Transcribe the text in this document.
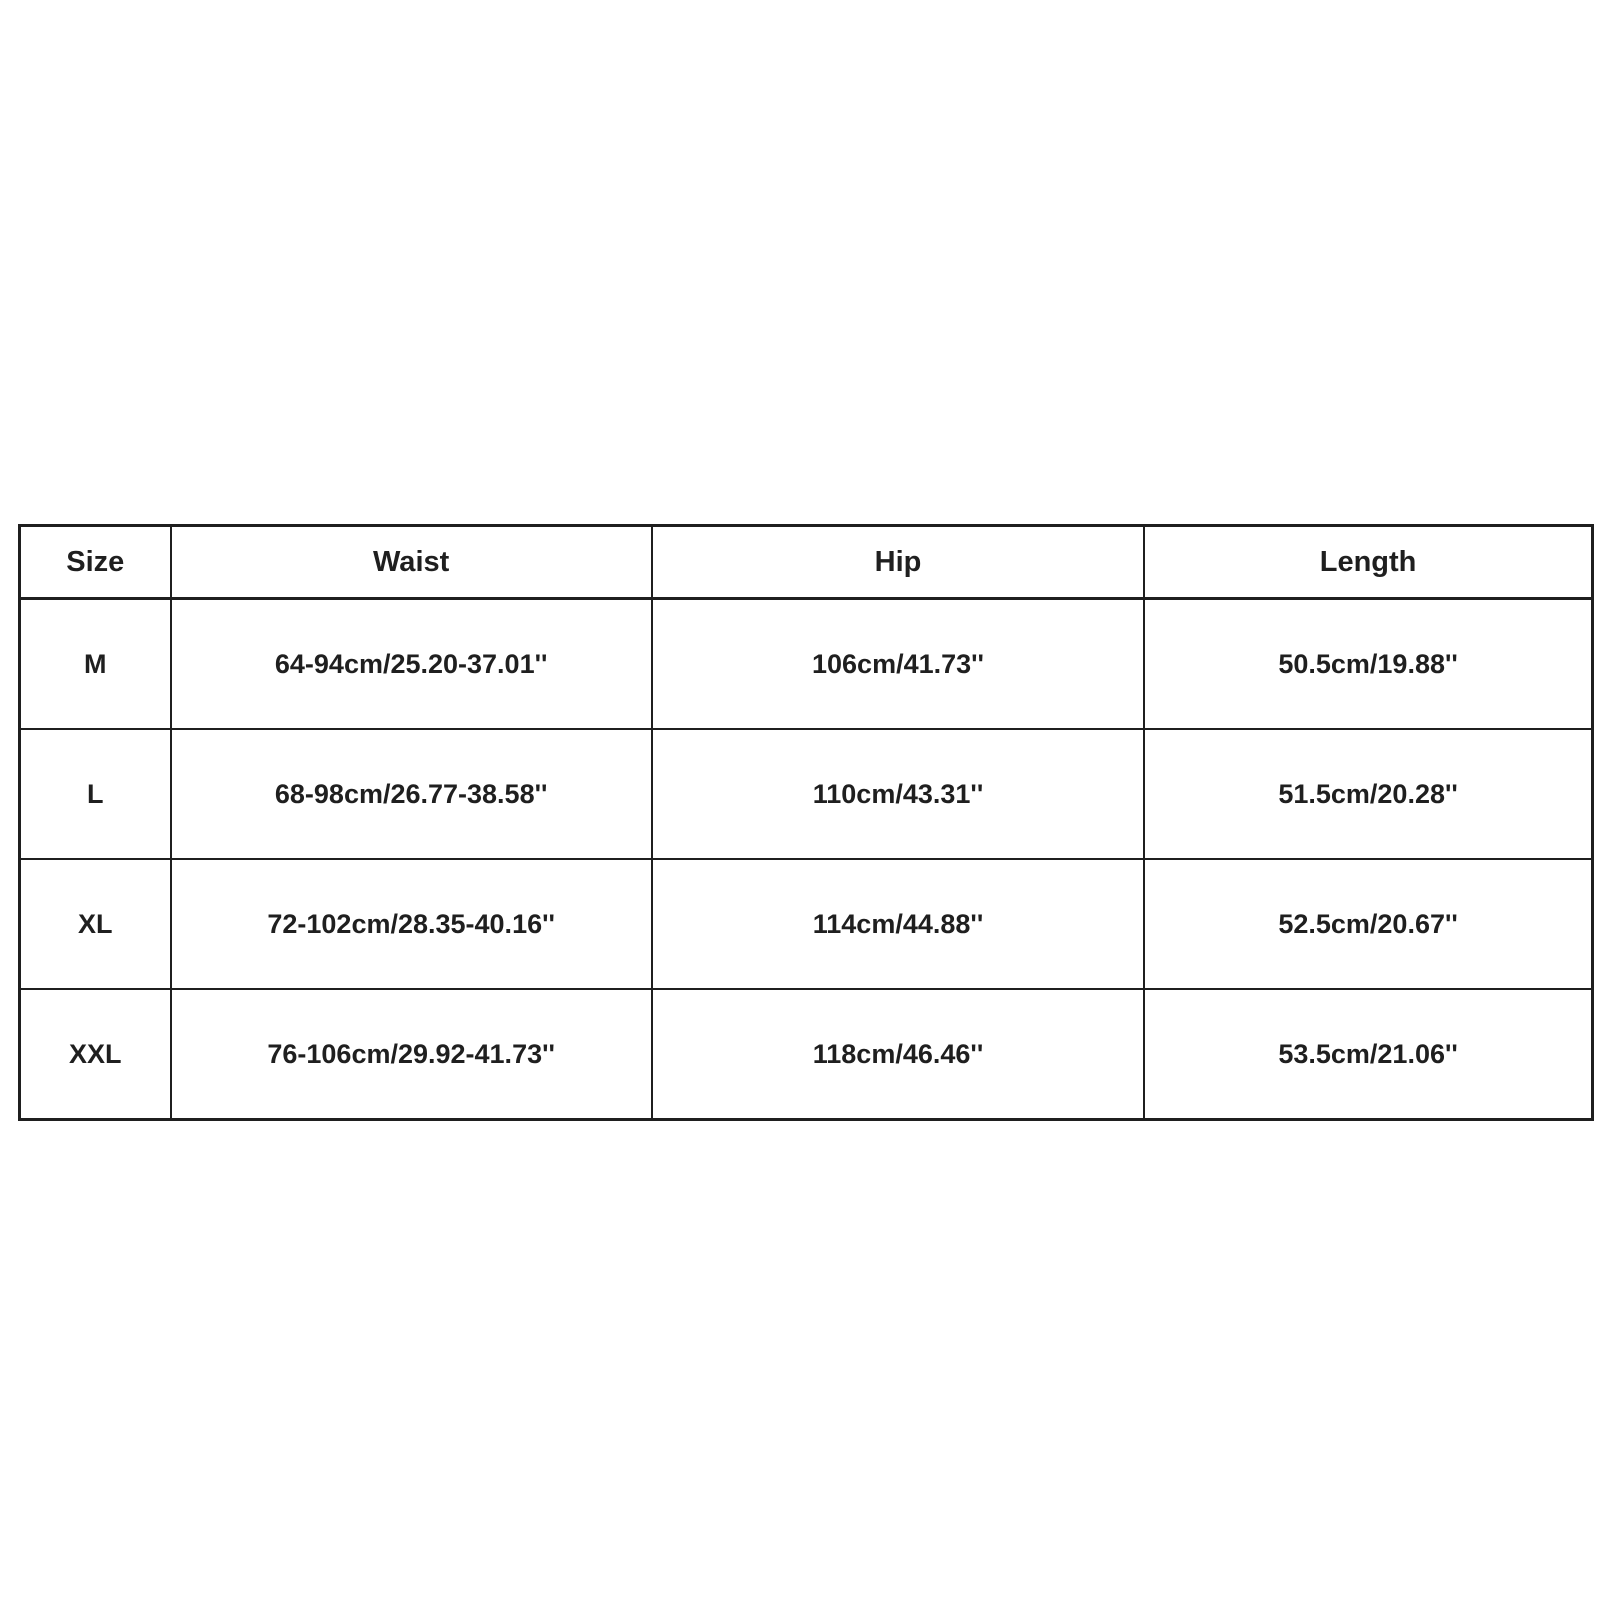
Size	Waist	Hip	Length
M	64-94cm/25.20-37.01''	106cm/41.73''	50.5cm/19.88''
L	68-98cm/26.77-38.58''	110cm/43.31''	51.5cm/20.28''
XL	72-102cm/28.35-40.16''	114cm/44.88''	52.5cm/20.67''
XXL	76-106cm/29.92-41.73''	118cm/46.46''	53.5cm/21.06''
